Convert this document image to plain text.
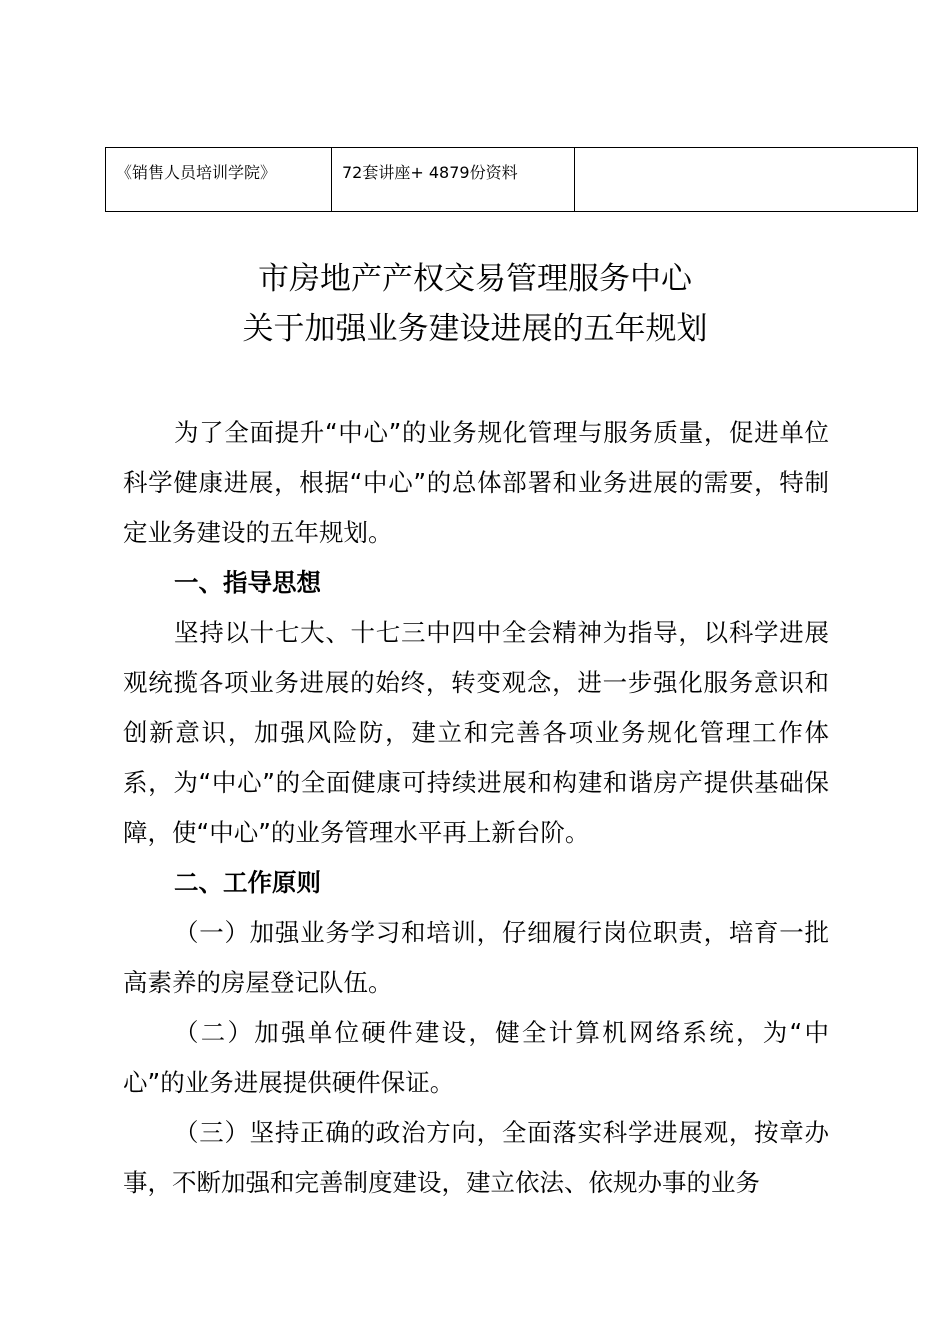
《销售人员培训学院》	72套讲座+ 4879份资料	
市房地产产权交易管理服务中心
关于加强业务建设进展的五年规划

为了全面提升“中心”的业务规化管理与服务质量，促进单位科学健康进展，根据“中心”的总体部署和业务进展的需要，特制定业务建设的五年规划。

一、指导思想

坚持以十七大、十七三中四中全会精神为指导，以科学进展观统揽各项业务进展的始终，转变观念，进一步强化服务意识和创新意识，加强风险防，建立和完善各项业务规化管理工作体系，为“中心”的全面健康可持续进展和构建和谐房产提供基础保障，使“中心”的业务管理水平再上新台阶。

二、工作原则

（一）加强业务学习和培训，仔细履行岗位职责，培育一批高素养的房屋登记队伍。

（二）加强单位硬件建设，健全计算机网络系统，为“中心”的业务进展提供硬件保证。

（三）坚持正确的政治方向，全面落实科学进展观，按章办事，不断加强和完善制度建设，建立依法、依规办事的业务
